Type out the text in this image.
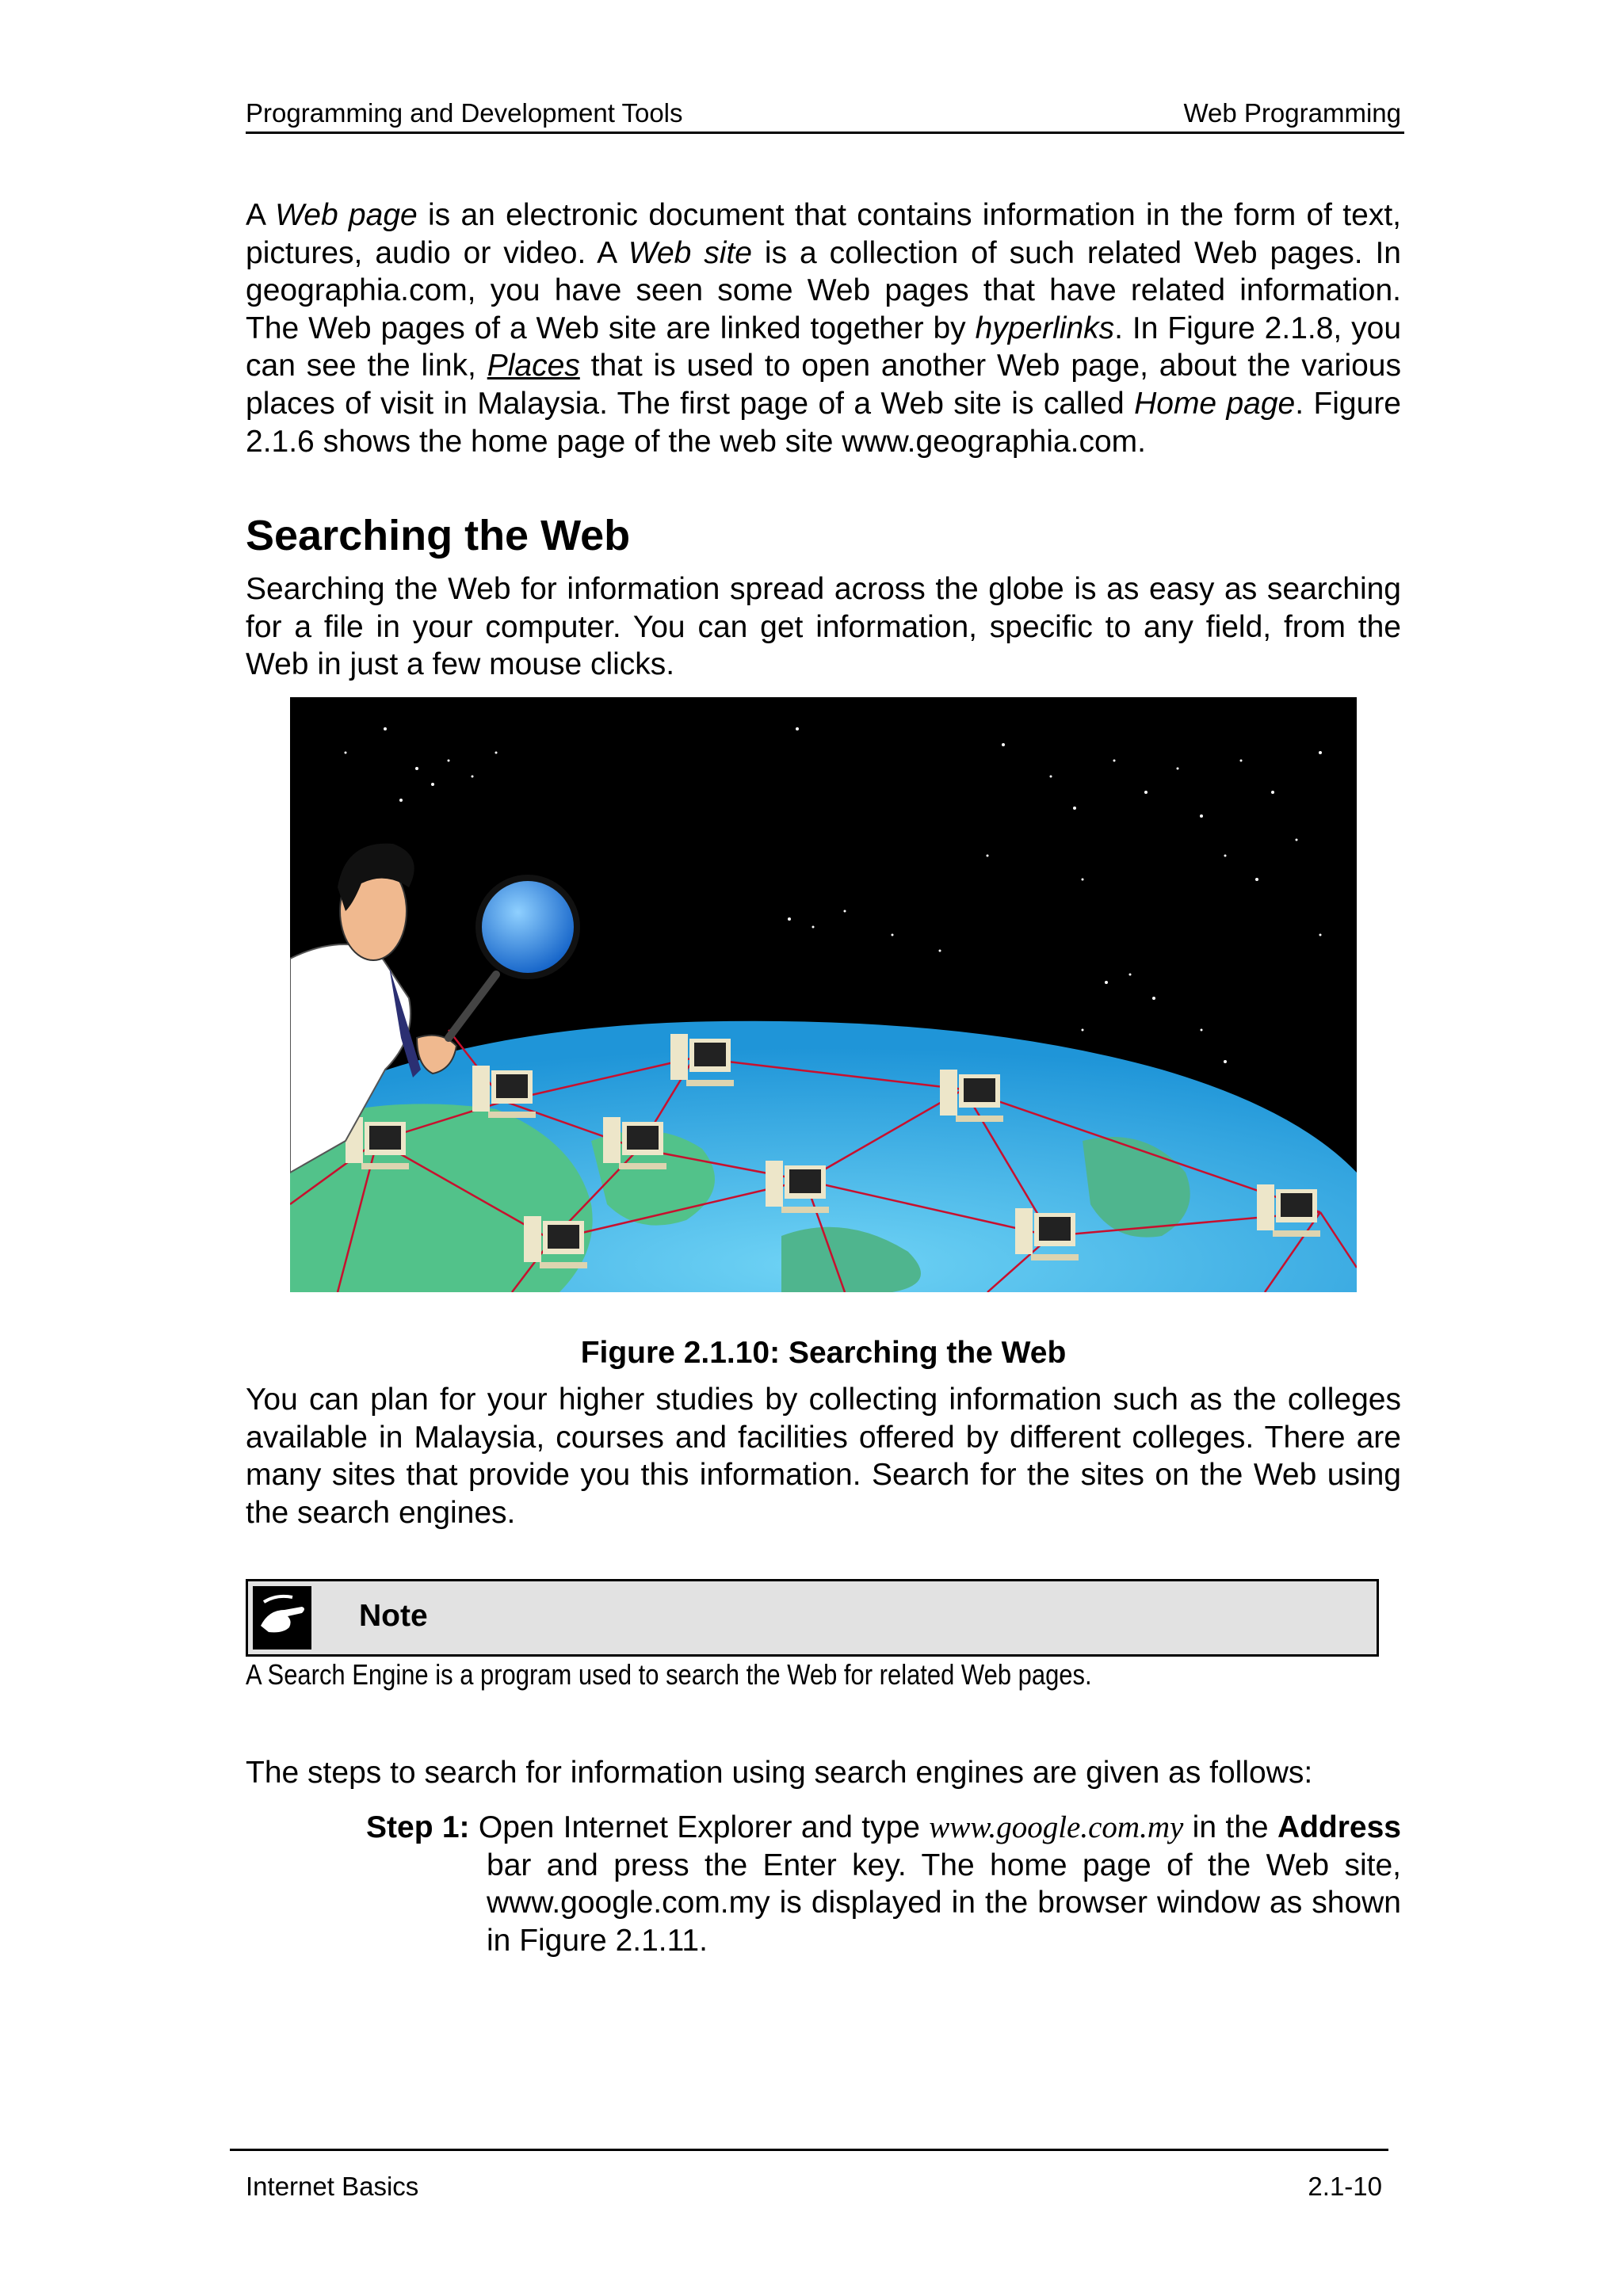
Programming and Development Tools	Web Programming
A Web page is an electronic document that contains information in the form of text, pictures, audio or video. A Web site is a collection of such related Web pages. In geographia.com, you have seen some Web pages that have related information. The Web pages of a Web site are linked together by hyperlinks. In Figure 2.1.8, you can see the link, Places that is used to open another Web page, about the various places of visit in Malaysia. The first page of a Web site is called Home page. Figure 2.1.6 shows the home page of the web site www.geographia.com.
Searching the Web
Searching the Web for information spread across the globe is as easy as searching for a file in your computer. You can get information, specific to any field, from the Web in just a few mouse clicks.
Figure 2.1.10: Searching the Web
You can plan for your higher studies by collecting information such as the colleges available in Malaysia, courses and facilities offered by different colleges. There are many sites that provide you this information. Search for the sites on the Web using the search engines.
Note
A Search Engine is a program used to search the Web for related Web pages.
The steps to search for information using search engines are given as follows:
Step 1: Open Internet Explorer and type www.google.com.my in the Address bar and press the Enter key. The home page of the Web site, www.google.com.my is displayed in the browser window as shown in Figure 2.1.11.
Internet Basics	2.1-10
